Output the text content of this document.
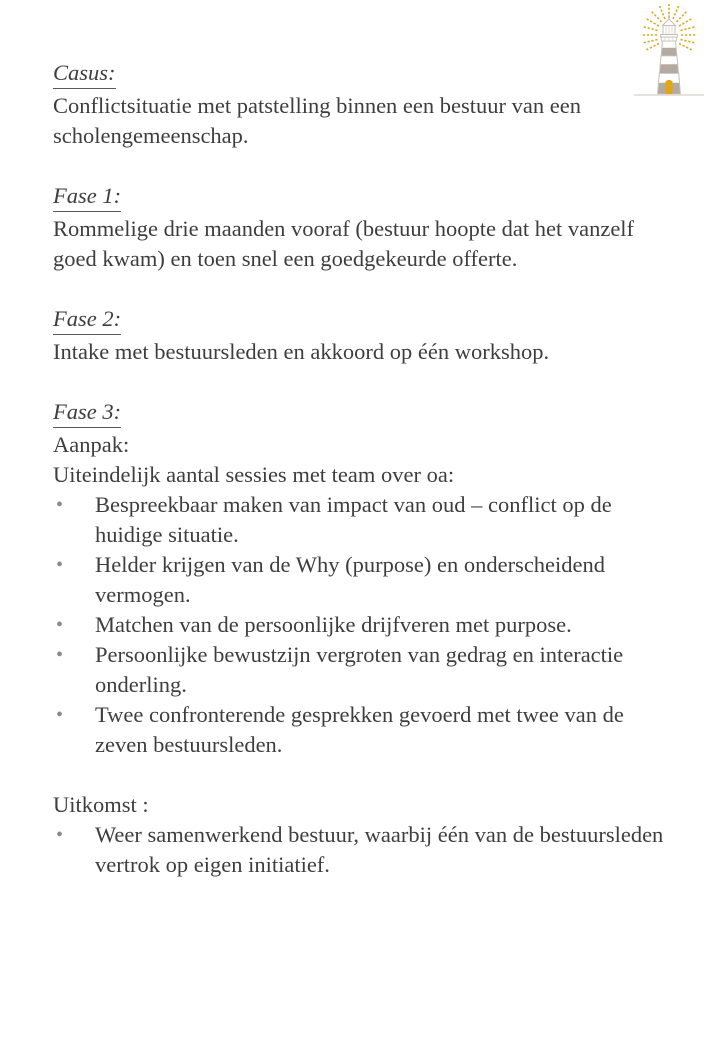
Casus:

Conflictsituatie met patstelling binnen een bestuur van een scholengemeenschap.

Fase 1:

Rommelige drie maanden vooraf (bestuur hoopte dat het vanzelf goed kwam) en toen snel een goedgekeurde offerte.

Fase 2:

Intake met bestuursleden en akkoord op één workshop.

Fase 3:

Aanpak:

Uiteindelijk aantal sessies met team over oa:

• Bespreekbaar maken van impact van oud – conflict op de huidige situatie.
• Helder krijgen van de Why (purpose) en onderscheidend vermogen.
• Matchen van de persoonlijke drijfveren met purpose.
• Persoonlijke bewustzijn vergroten van gedrag en interactie onderling.
• Twee confronterende gesprekken gevoerd met twee van de zeven bestuursleden.

Uitkomst :

• Weer samenwerkend bestuur, waarbij één van de bestuursleden vertrok op eigen initiatief.
